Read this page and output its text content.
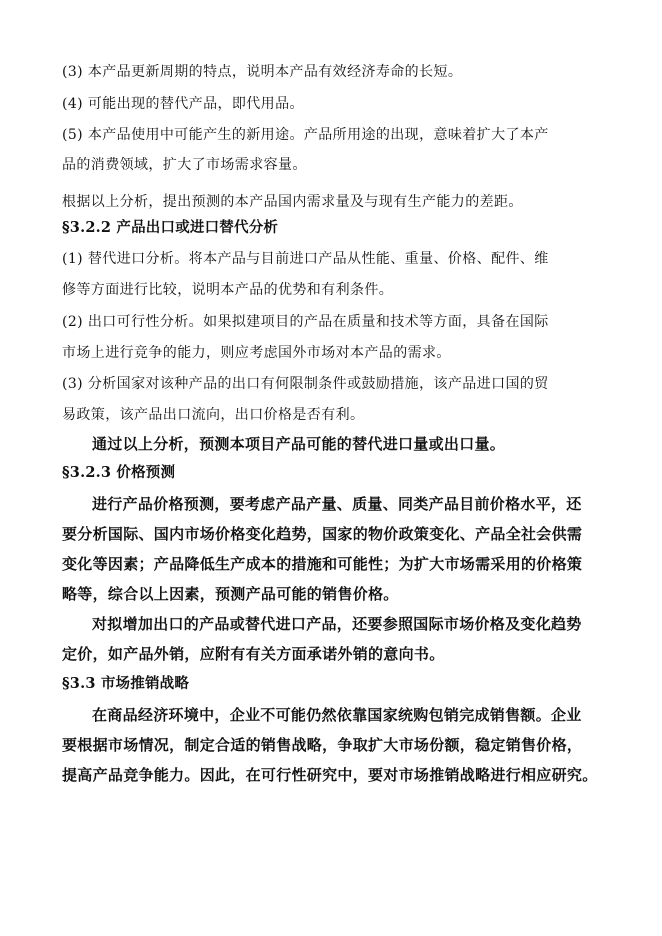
(3) 本产品更新周期的特点，说明本产品有效经济寿命的长短。
(4) 可能出现的替代产品，即代用品。
(5) 本产品使用中可能产生的新用途。产品所用途的出现，意味着扩大了本产
品的消费领域，扩大了市场需求容量。
根据以上分析，提出预测的本产品国内需求量及与现有生产能力的差距。
§3.2.2 产品出口或进口替代分析
(1) 替代进口分析。将本产品与目前进口产品从性能、重量、价格、配件、维
修等方面进行比较，说明本产品的优势和有利条件。
(2) 出口可行性分析。如果拟建项目的产品在质量和技术等方面，具备在国际
市场上进行竞争的能力，则应考虑国外市场对本产品的需求。
(3) 分析国家对该种产品的出口有何限制条件或鼓励措施，该产品进口国的贸
易政策，该产品出口流向，出口价格是否有利。
通过以上分析，预测本项目产品可能的替代进口量或出口量。
§3.2.3 价格预测
进行产品价格预测，要考虑产品产量、质量、同类产品目前价格水平，还
要分析国际、国内市场价格变化趋势，国家的物价政策变化、产品全社会供需
变化等因素；产品降低生产成本的措施和可能性；为扩大市场需采用的价格策
略等，综合以上因素，预测产品可能的销售价格。
对拟增加出口的产品或替代进口产品，还要参照国际市场价格及变化趋势
定价，如产品外销，应附有有关方面承诺外销的意向书。
§3.3 市场推销战略
在商品经济环境中，企业不可能仍然依靠国家统购包销完成销售额。企业
要根据市场情况，制定合适的销售战略，争取扩大市场份额，稳定销售价格，
提高产品竞争能力。因此，在可行性研究中，要对市场推销战略进行相应研究。
